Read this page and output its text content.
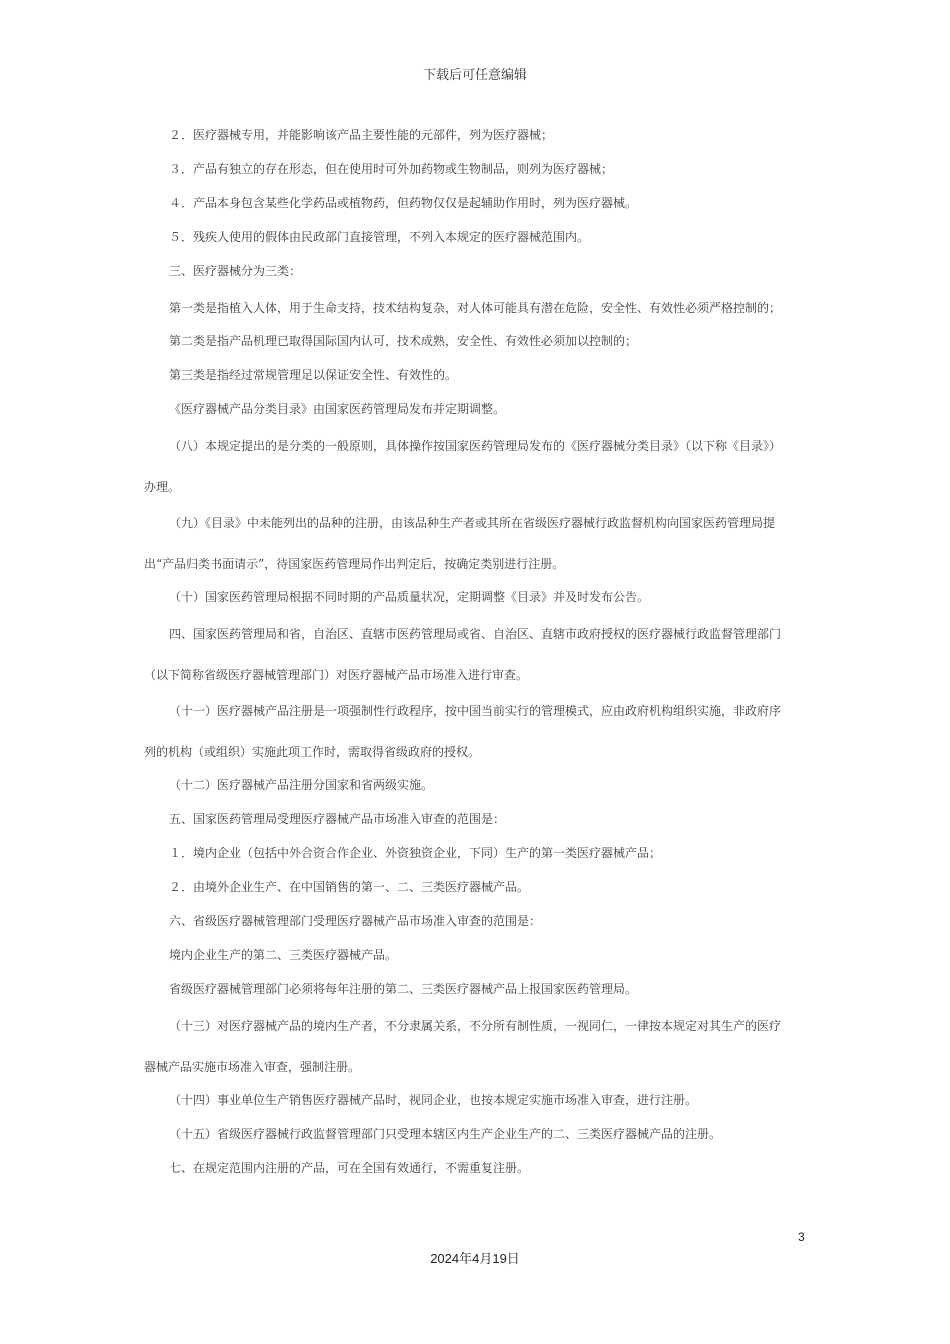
下载后可任意编辑

２．医疗器械专用，并能影响该产品主要性能的元部件，列为医疗器械；

３．产品有独立的存在形态，但在使用时可外加药物或生物制品，则列为医疗器械；

４．产品本身包含某些化学药品或植物药，但药物仅仅是起辅助作用时，列为医疗器械。

５．残疾人使用的假体由民政部门直接管理，不列入本规定的医疗器械范围内。

三、医疗器械分为三类：

第一类是指植入人体，用于生命支持，技术结构复杂，对人体可能具有潜在危险，安全性、有效性必须严格控制的；

第二类是指产品机理已取得国际国内认可，技术成熟，安全性、有效性必须加以控制的；

第三类是指经过常规管理足以保证安全性、有效性的。

《医疗器械产品分类目录》由国家医药管理局发布并定期调整。

（八）本规定提出的是分类的一般原则，具体操作按国家医药管理局发布的《医疗器械分类目录》（以下称《目录》）办理。

（九）《目录》中未能列出的品种的注册，由该品种生产者或其所在省级医疗器械行政监督机构向国家医药管理局提出“产品归类书面请示”，待国家医药管理局作出判定后，按确定类别进行注册。

（十）国家医药管理局根据不同时期的产品质量状况，定期调整《目录》并及时发布公告。

四、国家医药管理局和省，自治区、直辖市医药管理局或省、自治区、直辖市政府授权的医疗器械行政监督管理部门（以下简称省级医疗器械管理部门）对医疗器械产品市场准入进行审查。

（十一）医疗器械产品注册是一项强制性行政程序，按中国当前实行的管理模式，应由政府机构组织实施，非政府序列的机构（或组织）实施此项工作时，需取得省级政府的授权。

（十二）医疗器械产品注册分国家和省两级实施。

五、国家医药管理局受理医疗器械产品市场准入审查的范围是：

１．境内企业（包括中外合资合作企业、外资独资企业，下同）生产的第一类医疗器械产品；

２．由境外企业生产、在中国销售的第一、二、三类医疗器械产品。

六、省级医疗器械管理部门受理医疗器械产品市场准入审查的范围是：

境内企业生产的第二、三类医疗器械产品。

省级医疗器械管理部门必须将每年注册的第二、三类医疗器械产品上报国家医药管理局。

（十三）对医疗器械产品的境内生产者，不分隶属关系，不分所有制性质，一视同仁，一律按本规定对其生产的医疗器械产品实施市场准入审查，强制注册。

（十四）事业单位生产销售医疗器械产品时，视同企业，也按本规定实施市场准入审查，进行注册。

（十五）省级医疗器械行政监督管理部门只受理本辖区内生产企业生产的二、三类医疗器械产品的注册。

七、在规定范围内注册的产品，可在全国有效通行，不需重复注册。

3
2024年4月19日
